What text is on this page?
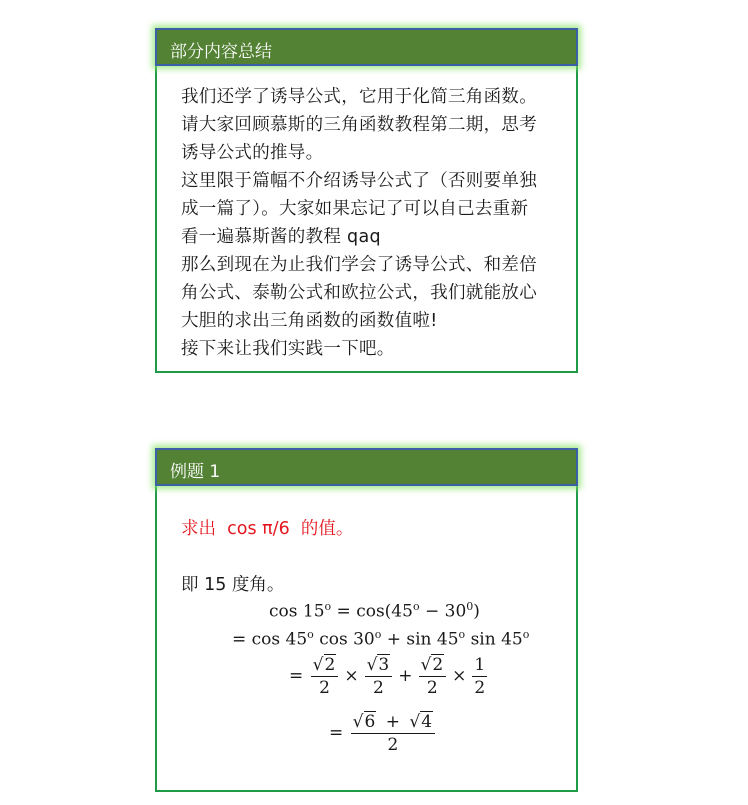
部分内容总结

我们还学了诱导公式，它用于化简三角函数。

请大家回顾慕斯的三角函数教程第二期，思考

诱导公式的推导。

这里限于篇幅不介绍诱导公式了（否则要单独

成一篇了）。大家如果忘记了可以自己去重新

看一遍慕斯酱的教程 qaq

那么到现在为止我们学会了诱导公式、和差倍

角公式、泰勒公式和欧拉公式，我们就能放心

大胆的求出三角函数的函数值啦!

接下来让我们实践一下吧。

例题 1
求出 cos π/6 的值。
即 15 度角。
$\cos 15^o = \cos(45^o - 30^0)$
= cos 45$^o$ $\cos 30^o + \sin 45^o$ $\sin 45^o$
= $\frac{√2}{2} \times \frac{√3}{2} + \frac{√2}{2} \times \frac{1}{2}$
= $\frac{√6 + √4}{2}$
